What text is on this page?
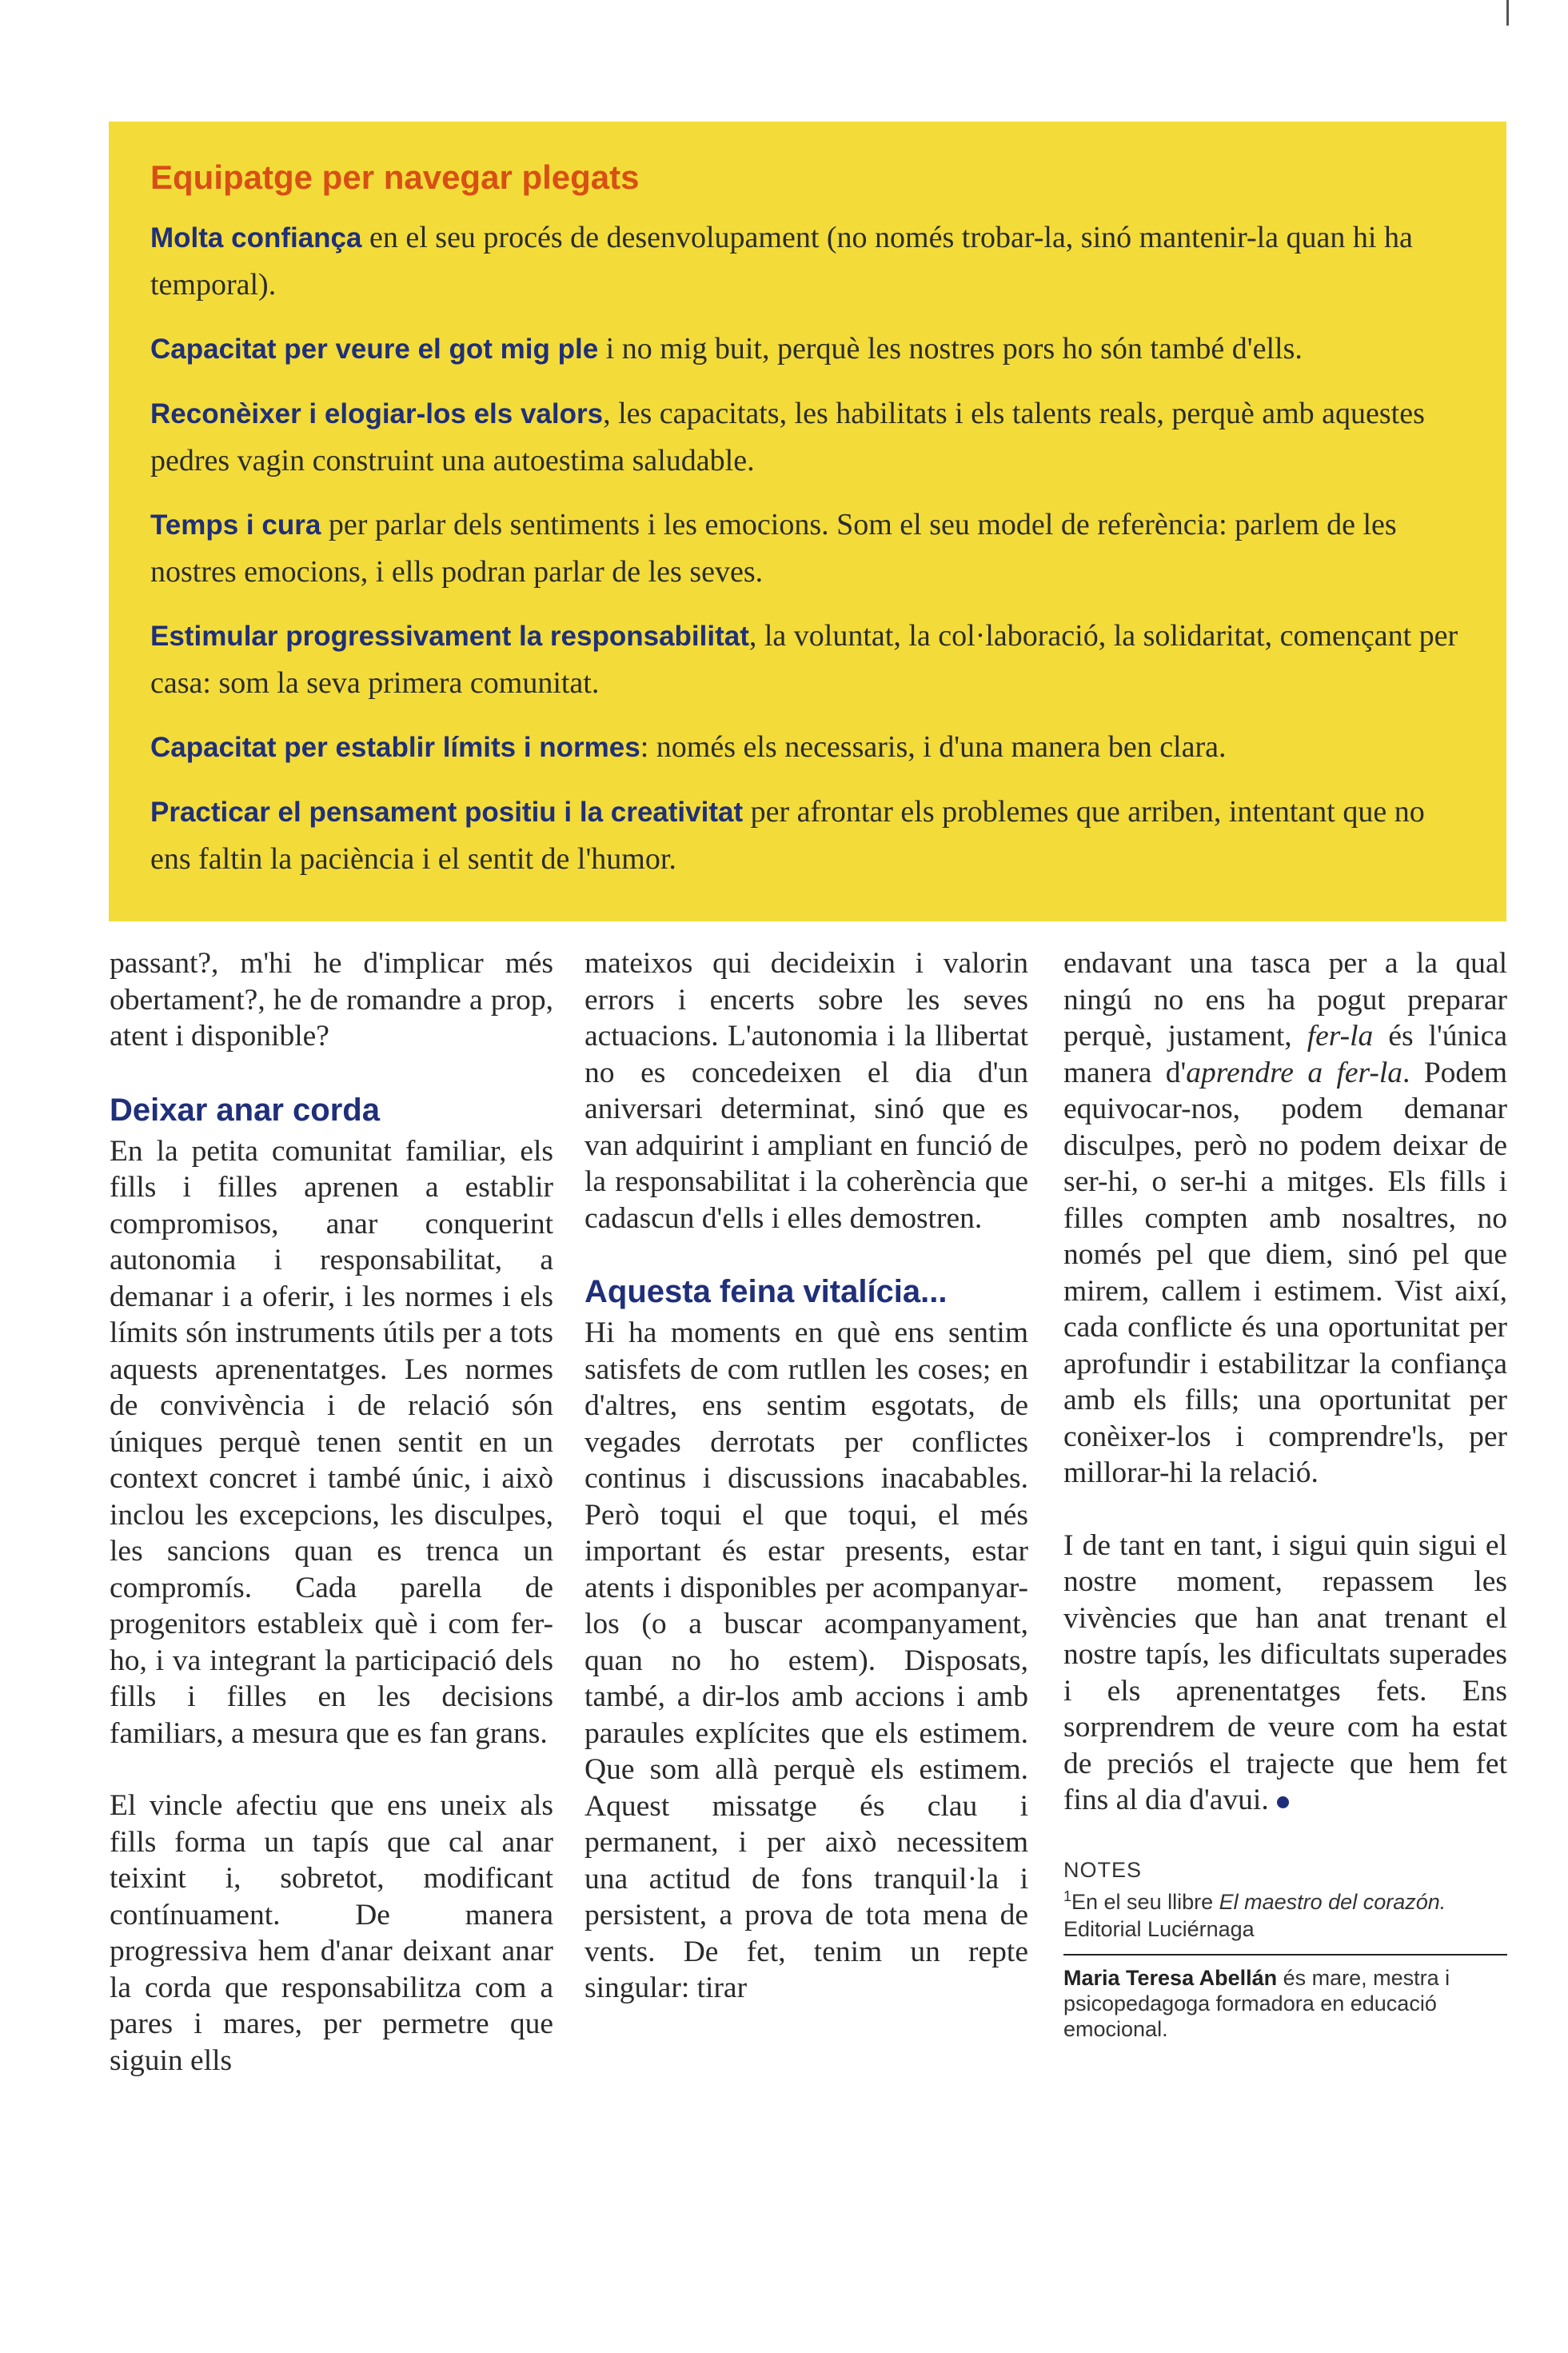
Equipatge per navegar plegats

Molta confiança en el seu procés de desenvolupament (no només trobar-la, sinó mantenir-la quan hi ha temporal).

Capacitat per veure el got mig ple i no mig buit, perquè les nostres pors ho són també d'ells.

Reconèixer i elogiar-los els valors, les capacitats, les habilitats i els talents reals, perquè amb aquestes pedres vagin construint una autoestima saludable.

Temps i cura per parlar dels sentiments i les emocions. Som el seu model de referència: parlem de les nostres emocions, i ells podran parlar de les seves.

Estimular progressivament la responsabilitat, la voluntat, la col·laboració, la solidaritat, començant per casa: som la seva primera comunitat.

Capacitat per establir límits i normes: només els necessaris, i d'una manera ben clara.

Practicar el pensament positiu i la creativitat per afrontar els problemes que arriben, intentant que no ens faltin la paciència i el sentit de l'humor.

passant?, m'hi he d'implicar més obertament?, he de romandre a prop, atent i disponible?

Deixar anar corda

En la petita comunitat familiar, els fills i filles aprenen a establir compromisos, anar conquerint autonomia i responsabilitat, a demanar i a oferir, i les normes i els límits són instruments útils per a tots aquests aprenentatges. Les normes de convivència i de relació són úniques perquè tenen sentit en un context concret i també únic, i això inclou les excepcions, les disculpes, les sancions quan es trenca un compromís. Cada parella de progenitors estableix què i com fer-ho, i va integrant la participació dels fills i filles en les decisions familiars, a mesura que es fan grans.

El vincle afectiu que ens uneix als fills forma un tapís que cal anar teixint i, sobretot, modificant contínuament. De manera progressiva hem d'anar deixant anar la corda que responsabilitza com a pares i mares, per permetre que siguin ells

mateixos qui decideixin i valorin errors i encerts sobre les seves actuacions. L'autonomia i la llibertat no es concedeixen el dia d'un aniversari determinat, sinó que es van adquirint i ampliant en funció de la responsabilitat i la coherència que cadascun d'ells i elles demostren.

Aquesta feina vitalícia...

Hi ha moments en què ens sentim satisfets de com rutllen les coses; en d'altres, ens sentim esgotats, de vegades derrotats per conflictes continus i discussions inacabables. Però toqui el que toqui, el més important és estar presents, estar atents i disponibles per acompanyar-los (o a buscar acompanyament, quan no ho estem). Disposats, també, a dir-los amb accions i amb paraules explícites que els estimem. Que som allà perquè els estimem. Aquest missatge és clau i permanent, i per això necessitem una actitud de fons tranquil·la i persistent, a prova de tota mena de vents. De fet, tenim un repte singular: tirar

endavant una tasca per a la qual ningú no ens ha pogut preparar perquè, justament, fer-la és l'única manera d'aprendre a fer-la. Podem equivocar-nos, podem demanar disculpes, però no podem deixar de ser-hi, o ser-hi a mitges. Els fills i filles compten amb nosaltres, no només pel que diem, sinó pel que mirem, callem i estimem. Vist així, cada conflicte és una oportunitat per aprofundir i estabilitzar la confiança amb els fills; una oportunitat per conèixer-los i comprendre'ls, per millorar-hi la relació.

I de tant en tant, i sigui quin sigui el nostre moment, repassem les vivències que han anat trenant el nostre tapís, les dificultats superades i els aprenentatges fets. Ens sorprendrem de veure com ha estat de preciós el trajecte que hem fet fins al dia d'avui.

NOTES
$^1$En el seu llibre El maestro del corazón.
Editorial Luciérnaga
Maria Teresa Abellán és mare, mestra i psicopedagoga formadora en educació emocional.
